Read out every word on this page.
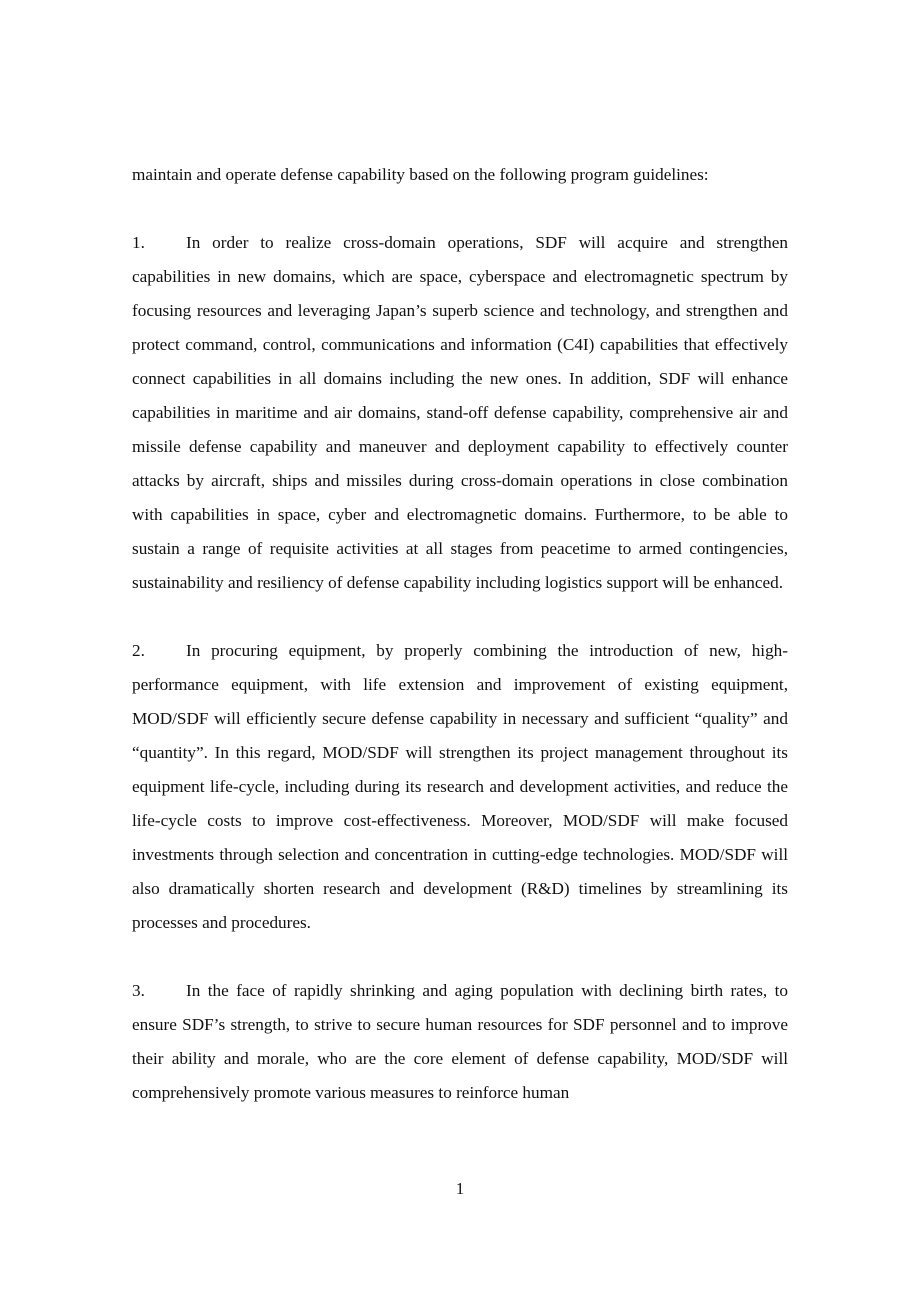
maintain and operate defense capability based on the following program guidelines:

1. In order to realize cross-domain operations, SDF will acquire and strengthen capabilities in new domains, which are space, cyberspace and electromagnetic spectrum by focusing resources and leveraging Japan’s superb science and technology, and strengthen and protect command, control, communications and information (C4I) capabilities that effectively connect capabilities in all domains including the new ones. In addition, SDF will enhance capabilities in maritime and air domains, stand-off defense capability, comprehensive air and missile defense capability and maneuver and deployment capability to effectively counter attacks by aircraft, ships and missiles during cross-domain operations in close combination with capabilities in space, cyber and electromagnetic domains. Furthermore, to be able to sustain a range of requisite activities at all stages from peacetime to armed contingencies, sustainability and resiliency of defense capability including logistics support will be enhanced.

2. In procuring equipment, by properly combining the introduction of new, high-performance equipment, with life extension and improvement of existing equipment, MOD/SDF will efficiently secure defense capability in necessary and sufficient “quality” and “quantity”. In this regard, MOD/SDF will strengthen its project management throughout its equipment life-cycle, including during its research and development activities, and reduce the life-cycle costs to improve cost-effectiveness. Moreover, MOD/SDF will make focused investments through selection and concentration in cutting-edge technologies. MOD/SDF will also dramatically shorten research and development (R&D) timelines by streamlining its processes and procedures.

3. In the face of rapidly shrinking and aging population with declining birth rates, to ensure SDF’s strength, to strive to secure human resources for SDF personnel and to improve their ability and morale, who are the core element of defense capability, MOD/SDF will comprehensively promote various measures to reinforce human

1
